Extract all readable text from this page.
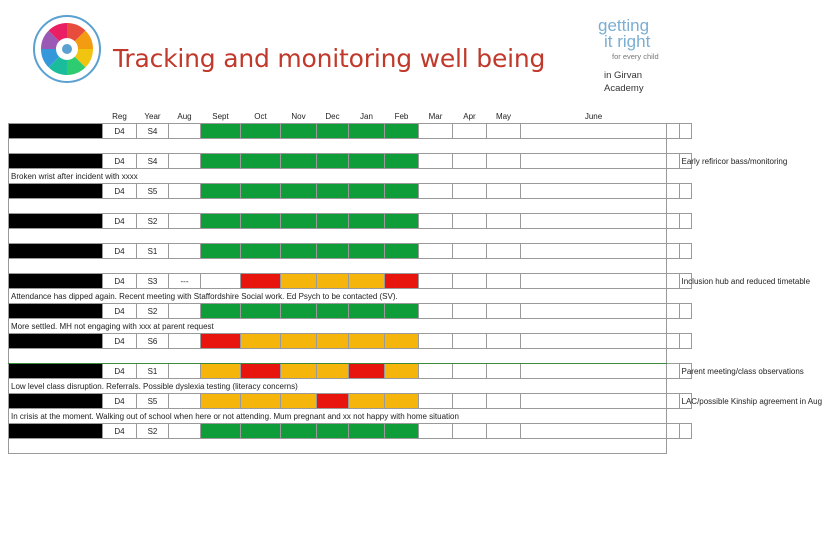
Tracking and monitoring well being
getting
it right
for every child
in Girvan
Academy
	Reg	Year	Aug	Sept	Oct	Nov	Dec	Jan	Feb	Mar	Apr	May	June		
	D4	S4													

	D4	S4													Early refiricor bass/monitoring
Broken wrist after incident with xxxx															
	D4	S5													

	D4	S2													

	D4	S1													

	D4	S3	---												Inclusion hub and reduced timetable
Attendance has dipped again. Recent meeting with Staffordshire Social work. Ed Psych to be contacted (SV).															
	D4	S2													
More settled. MH not engaging with xxx at parent request															
	D4	S6													

	D4	S1													Parent meeting/class observations
Low level class disruption. Referrals. Possible dyslexia testing (literacy concerns)															
	D4	S5													LAC/possible Kinship agreement in Aug
In crisis at the moment. Walking out of school when here or not attending. Mum pregnant and xx not happy with home situation															
	D4	S2													
